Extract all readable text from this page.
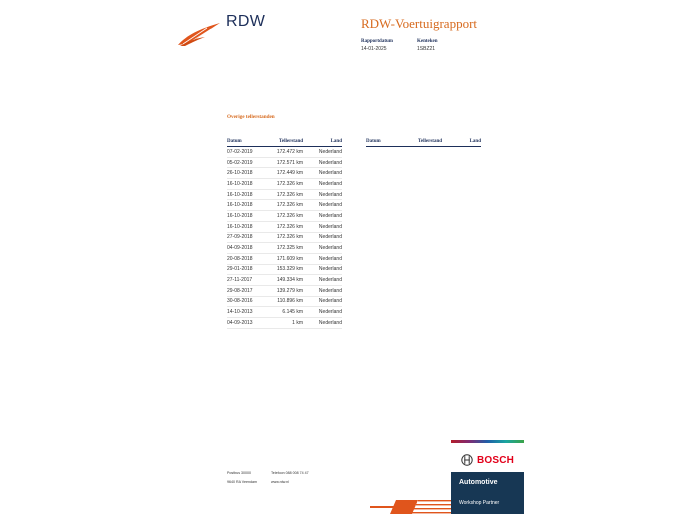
RDW	RDW-Voertuigrapport
Rapportdatum
14-01-2025
Kenteken
1SBZ21
Overige tellerstanden
Datum	Tellerstand	Land
07-02-2019	172.472 km	Nederland
05-02-2019	172.571 km	Nederland
26-10-2018	172.449 km	Nederland
16-10-2018	172.326 km	Nederland
16-10-2018	172.326 km	Nederland
16-10-2018	172.326 km	Nederland
16-10-2018	172.326 km	Nederland
16-10-2018	172.326 km	Nederland
27-09-2018	172.326 km	Nederland
04-09-2018	172.325 km	Nederland
20-08-2018	171.609 km	Nederland
29-01-2018	153.329 km	Nederland
27-11-2017	149.334 km	Nederland
29-08-2017	139.279 km	Nederland
30-08-2016	110.896 km	Nederland
14-10-2013	6.145 km	Nederland
04-09-2013	1 km	Nederland
Datum	Tellerstand	Land
Postbus 30000
9640 RA Veendam
Telefoon 088 008 74 47
www.rdw.nl
BOSCH
Automotive
Workshop Partner
